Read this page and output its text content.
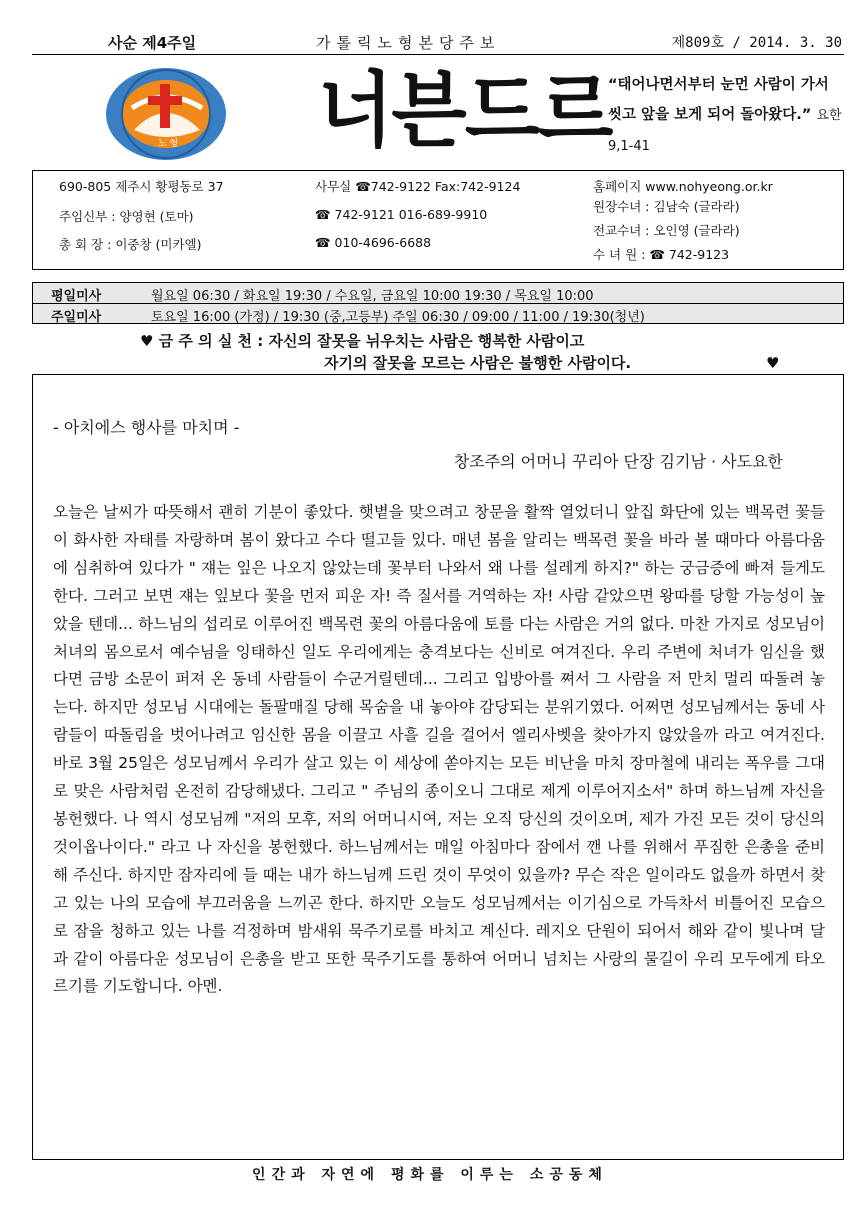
사순 제4주일	가톨릭노형본당주보	제809호 / 2014. 3. 30
노 형 너븐드르
“태어나면서부터 눈먼 사람이 가서 씻고 앞을 보게 되어 돌아왔다.” 요한 9,1-41
690-805 제주시 황평동로 37
주임신부 : 양영현 (토마)
총 회 장 : 이중창 (미카엘)
사무실 ☎742-9122 Fax:742-9124
☎ 742-9121 016-689-9910
☎ 010-4696-6688
홈페이지 www.nohyeong.or.kr
원장수녀 : 김남숙 (글라라)
전교수녀 : 오인영 (글라라)
수 녀 원 : ☎ 742-9123
평일미사	월요일 06:30 / 화요일 19:30 / 수요일, 금요일 10:00 19:30 / 목요일 10:00
주일미사	토요일 16:00 (가정) / 19:30 (중,고등부) 주일 06:30 / 09:00 / 11:00 / 19:30(청년)
♥ 금 주 의 실 천 : 자신의 잘못을 뉘우치는 사람은 행복한 사람이고
자기의 잘못을 모르는 사람은 불행한 사람이다.	♥
- 아치에스 행사를 마치며 -
창조주의 어머니 꾸리아 단장 김기남 · 사도요한

오늘은 날씨가 따뜻해서 괜히 기분이 좋았다. 햇볕을 맞으려고 창문을 활짝 열었더니 앞집 화단에 있는 백목련 꽃들이 화사한 자태를 자랑하며 봄이 왔다고 수다 떨고들 있다. 매년 봄을 알리는 백목련 꽃을 바라 볼 때마다 아름다움에 심취하여 있다가 " 쟤는 잎은 나오지 않았는데 꽃부터 나와서 왜 나를 설레게 하지?" 하는 궁금증에 빠져 들게도 한다. 그러고 보면 쟤는 잎보다 꽃을 먼저 피운 자! 즉 질서를 거역하는 자! 사람 같았으면 왕따를 당할 가능성이 높았을 텐데... 하느님의 섭리로 이루어진 백목련 꽃의 아름다움에 토를 다는 사람은 거의 없다. 마찬 가지로 성모님이 처녀의 몸으로서 예수님을 잉태하신 일도 우리에게는 충격보다는 신비로 여겨진다. 우리 주변에 처녀가 임신을 했다면 금방 소문이 퍼져 온 동네 사람들이 수군거릴텐데... 그리고 입방아를 쪄서 그 사람을 저 만치 멀리 따돌려 놓는다. 하지만 성모님 시대에는 돌팔매질 당해 목숨을 내 놓아야 감당되는 분위기였다. 어쩌면 성모님께서는 동네 사람들이 따돌림을 벗어나려고 임신한 몸을 이끌고 사흘 길을 걸어서 엘리사벳을 찾아가지 않았을까 라고 여겨진다. 바로 3월 25일은 성모님께서 우리가 살고 있는 이 세상에 쏟아지는 모든 비난을 마치 장마철에 내리는 폭우를 그대로 맞은 사람처럼 온전히 감당해냈다. 그리고 " 주님의 종이오니 그대로 제게 이루어지소서" 하며 하느님께 자신을 봉헌했다. 나 역시 성모님께 "저의 모후, 저의 어머니시여, 저는 오직 당신의 것이오며, 제가 가진 모든 것이 당신의 것이옵나이다." 라고 나 자신을 봉헌했다. 하느님께서는 매일 아침마다 잠에서 깬 나를 위해서 푸짐한 은총을 준비해 주신다. 하지만 잠자리에 들 때는 내가 하느님께 드린 것이 무엇이 있을까? 무슨 작은 일이라도 없을까 하면서 찾고 있는 나의 모습에 부끄러움을 느끼곤 한다. 하지만 오늘도 성모님께서는 이기심으로 가득차서 비틀어진 모습으로 잠을 청하고 있는 나를 걱정하며 밤새워 묵주기로를 바치고 계신다. 레지오 단원이 되어서 해와 같이 빛나며 달과 같이 아름다운 성모님이 은총을 받고 또한 묵주기도를 통하여 어머니 넘치는 사랑의 물길이 우리 모두에게 타오르기를 기도합니다. 아멘.

인간과 자연에 평화를 이루는 소공동체
